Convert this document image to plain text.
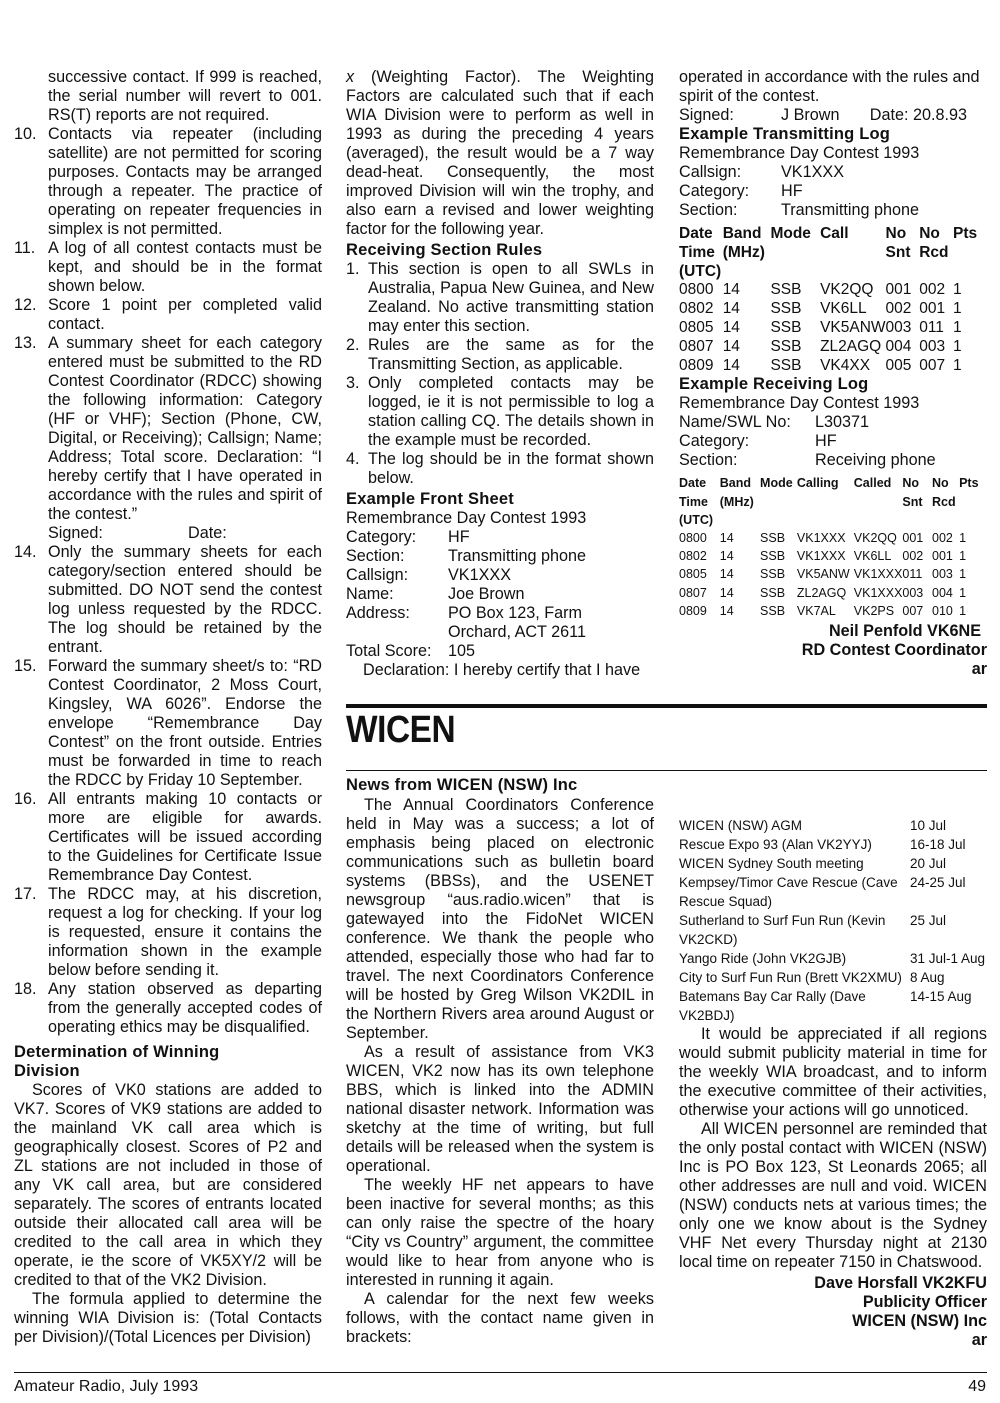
successive contact. If 999 is reached, the serial number will revert to 001. RS(T) reports are not required.
10. Contacts via repeater (including satellite) are not permitted for scoring purposes. Contacts may be arranged through a repeater. The practice of operating on repeater frequencies in simplex is not permitted.
11. A log of all contest contacts must be kept, and should be in the format shown below.
12. Score 1 point per completed valid contact.
13. A summary sheet for each category entered must be submitted to the RD Contest Coordinator (RDCC) showing the following information: Category (HF or VHF); Section (Phone, CW, Digital, or Receiving); Callsign; Name; Address; Total score. Declaration: “I hereby certify that I have operated in accordance with the rules and spirit of the contest.”
Signed:	Date:
14. Only the summary sheets for each category/section entered should be submitted. DO NOT send the contest log unless requested by the RDCC. The log should be retained by the entrant.
15. Forward the summary sheet/s to: “RD Contest Coordinator, 2 Moss Court, Kingsley, WA 6026”. Endorse the envelope “Remembrance Day Contest” on the front outside. Entries must be forwarded in time to reach the RDCC by Friday 10 September.
16. All entrants making 10 contacts or more are eligible for awards. Certificates will be issued according to the Guidelines for Certificate Issue Remembrance Day Contest.
17. The RDCC may, at his discretion, request a log for checking. If your log is requested, ensure it contains the information shown in the example below before sending it.
18. Any station observed as departing from the generally accepted codes of operating ethics may be disqualified.
Determination of Winning Division

Scores of VK0 stations are added to VK7. Scores of VK9 stations are added to the mainland VK call area which is geographically closest. Scores of P2 and ZL stations are not included in those of any VK call area, but are considered separately. The scores of entrants located outside their allocated call area will be credited to the call area in which they operate, ie the score of VK5XY/2 will be credited to that of the VK2 Division.

The formula applied to determine the winning WIA Division is: (Total Contacts per Division)/(Total Licences per Division)

x (Weighting Factor). The Weighting Factors are calculated such that if each WIA Division were to perform as well in 1993 as during the preceding 4 years (averaged), the result would be a 7 way dead-heat. Consequently, the most improved Division will win the trophy, and also earn a revised and lower weighting factor for the following year.

Receiving Section Rules
1. This section is open to all SWLs in Australia, Papua New Guinea, and New Zealand. No active transmitting station may enter this section.
2. Rules are the same as for the Transmitting Section, as applicable.
3. Only completed contacts may be logged, ie it is not permissible to log a station calling CQ. The details shown in the example must be recorded.
4. The log should be in the format shown below.
Example Front Sheet

Remembrance Day Contest 1993

Category:	HF
Section:	Transmitting phone
Callsign:	VK1XXX
Name:	Joe Brown
Address:	PO Box 123, Farm Orchard, ACT 2611
Total Score:	105

Declaration: I hereby certify that I have

operated in accordance with the rules and spirit of the contest.

Signed:	J Brown	Date: 20.8.93
Example Transmitting Log

Remembrance Day Contest 1993

Callsign:	VK1XXX
Category:	HF
Section:	Transmitting phone
Date	Band	Mode	Call	No	No	Pts
Time	(MHz)			Snt	Rcd	
(UTC)						
0800	14	SSB	VK2QQ	001	002	1
0802	14	SSB	VK6LL	002	001	1
0805	14	SSB	VK5ANW	003	011	1
0807	14	SSB	ZL2AGQ	004	003	1
0809	14	SSB	VK4XX	005	007	1
Example Receiving Log

Remembrance Day Contest 1993

Name/SWL No:	L30371
Category:	HF
Section:	Receiving phone
Date	Band	Mode	Calling	Called	No	No	Pts
Time	(MHz)				Snt	Rcd	
(UTC)							
0800	14	SSB	VK1XXX	VK2QQ	001	002	1
0802	14	SSB	VK1XXX	VK6LL	002	001	1
0805	14	SSB	VK5ANW	VK1XXX	011	003	1
0807	14	SSB	ZL2AGQ	VK1XXX	003	004	1
0809	14	SSB	VK7AL	VK2PS	007	010	1

Neil Penfold VK6NE

RD Contest Coordinator

ar

WICEN
News from WICEN (NSW) Inc

The Annual Coordinators Conference held in May was a success; a lot of emphasis being placed on electronic communications such as bulletin board systems (BBSs), and the USENET newsgroup “aus.radio.wicen” that is gatewayed into the FidoNet WICEN conference. We thank the people who attended, especially those who had far to travel. The next Coordinators Conference will be hosted by Greg Wilson VK2DIL in the Northern Rivers area around August or September.

As a result of assistance from VK3 WICEN, VK2 now has its own telephone BBS, which is linked into the ADMIN national disaster network. Information was sketchy at the time of writing, but full details will be released when the system is operational.

The weekly HF net appears to have been inactive for several months; as this can only raise the spectre of the hoary “City vs Country” argument, the committee would like to hear from anyone who is interested in running it again.

A calendar for the next few weeks follows, with the contact name given in brackets:

WICEN (NSW) AGM	10 Jul
Rescue Expo 93 (Alan VK2YYJ)	16-18 Jul
WICEN Sydney South meeting	20 Jul
Kempsey/Timor Cave Rescue (Cave Rescue Squad)	24-25 Jul
Sutherland to Surf Fun Run (Kevin VK2CKD)	25 Jul
Yango Ride (John VK2GJB)	31 Jul-1 Aug
City to Surf Fun Run (Brett VK2XMU)	8 Aug
Batemans Bay Car Rally (Dave VK2BDJ)	14-15 Aug

It would be appreciated if all regions would submit publicity material in time for the weekly WIA broadcast, and to inform the executive committee of their activities, otherwise your actions will go unnoticed.

All WICEN personnel are reminded that the only postal contact with WICEN (NSW) Inc is PO Box 123, St Leonards 2065; all other addresses are null and void. WICEN (NSW) conducts nets at various times; the only one we know about is the Sydney VHF Net every Thursday night at 2130 local time on repeater 7150 in Chatswood.

Dave Horsfall VK2KFU

Publicity Officer

WICEN (NSW) Inc

ar

Amateur Radio, July 1993	49
